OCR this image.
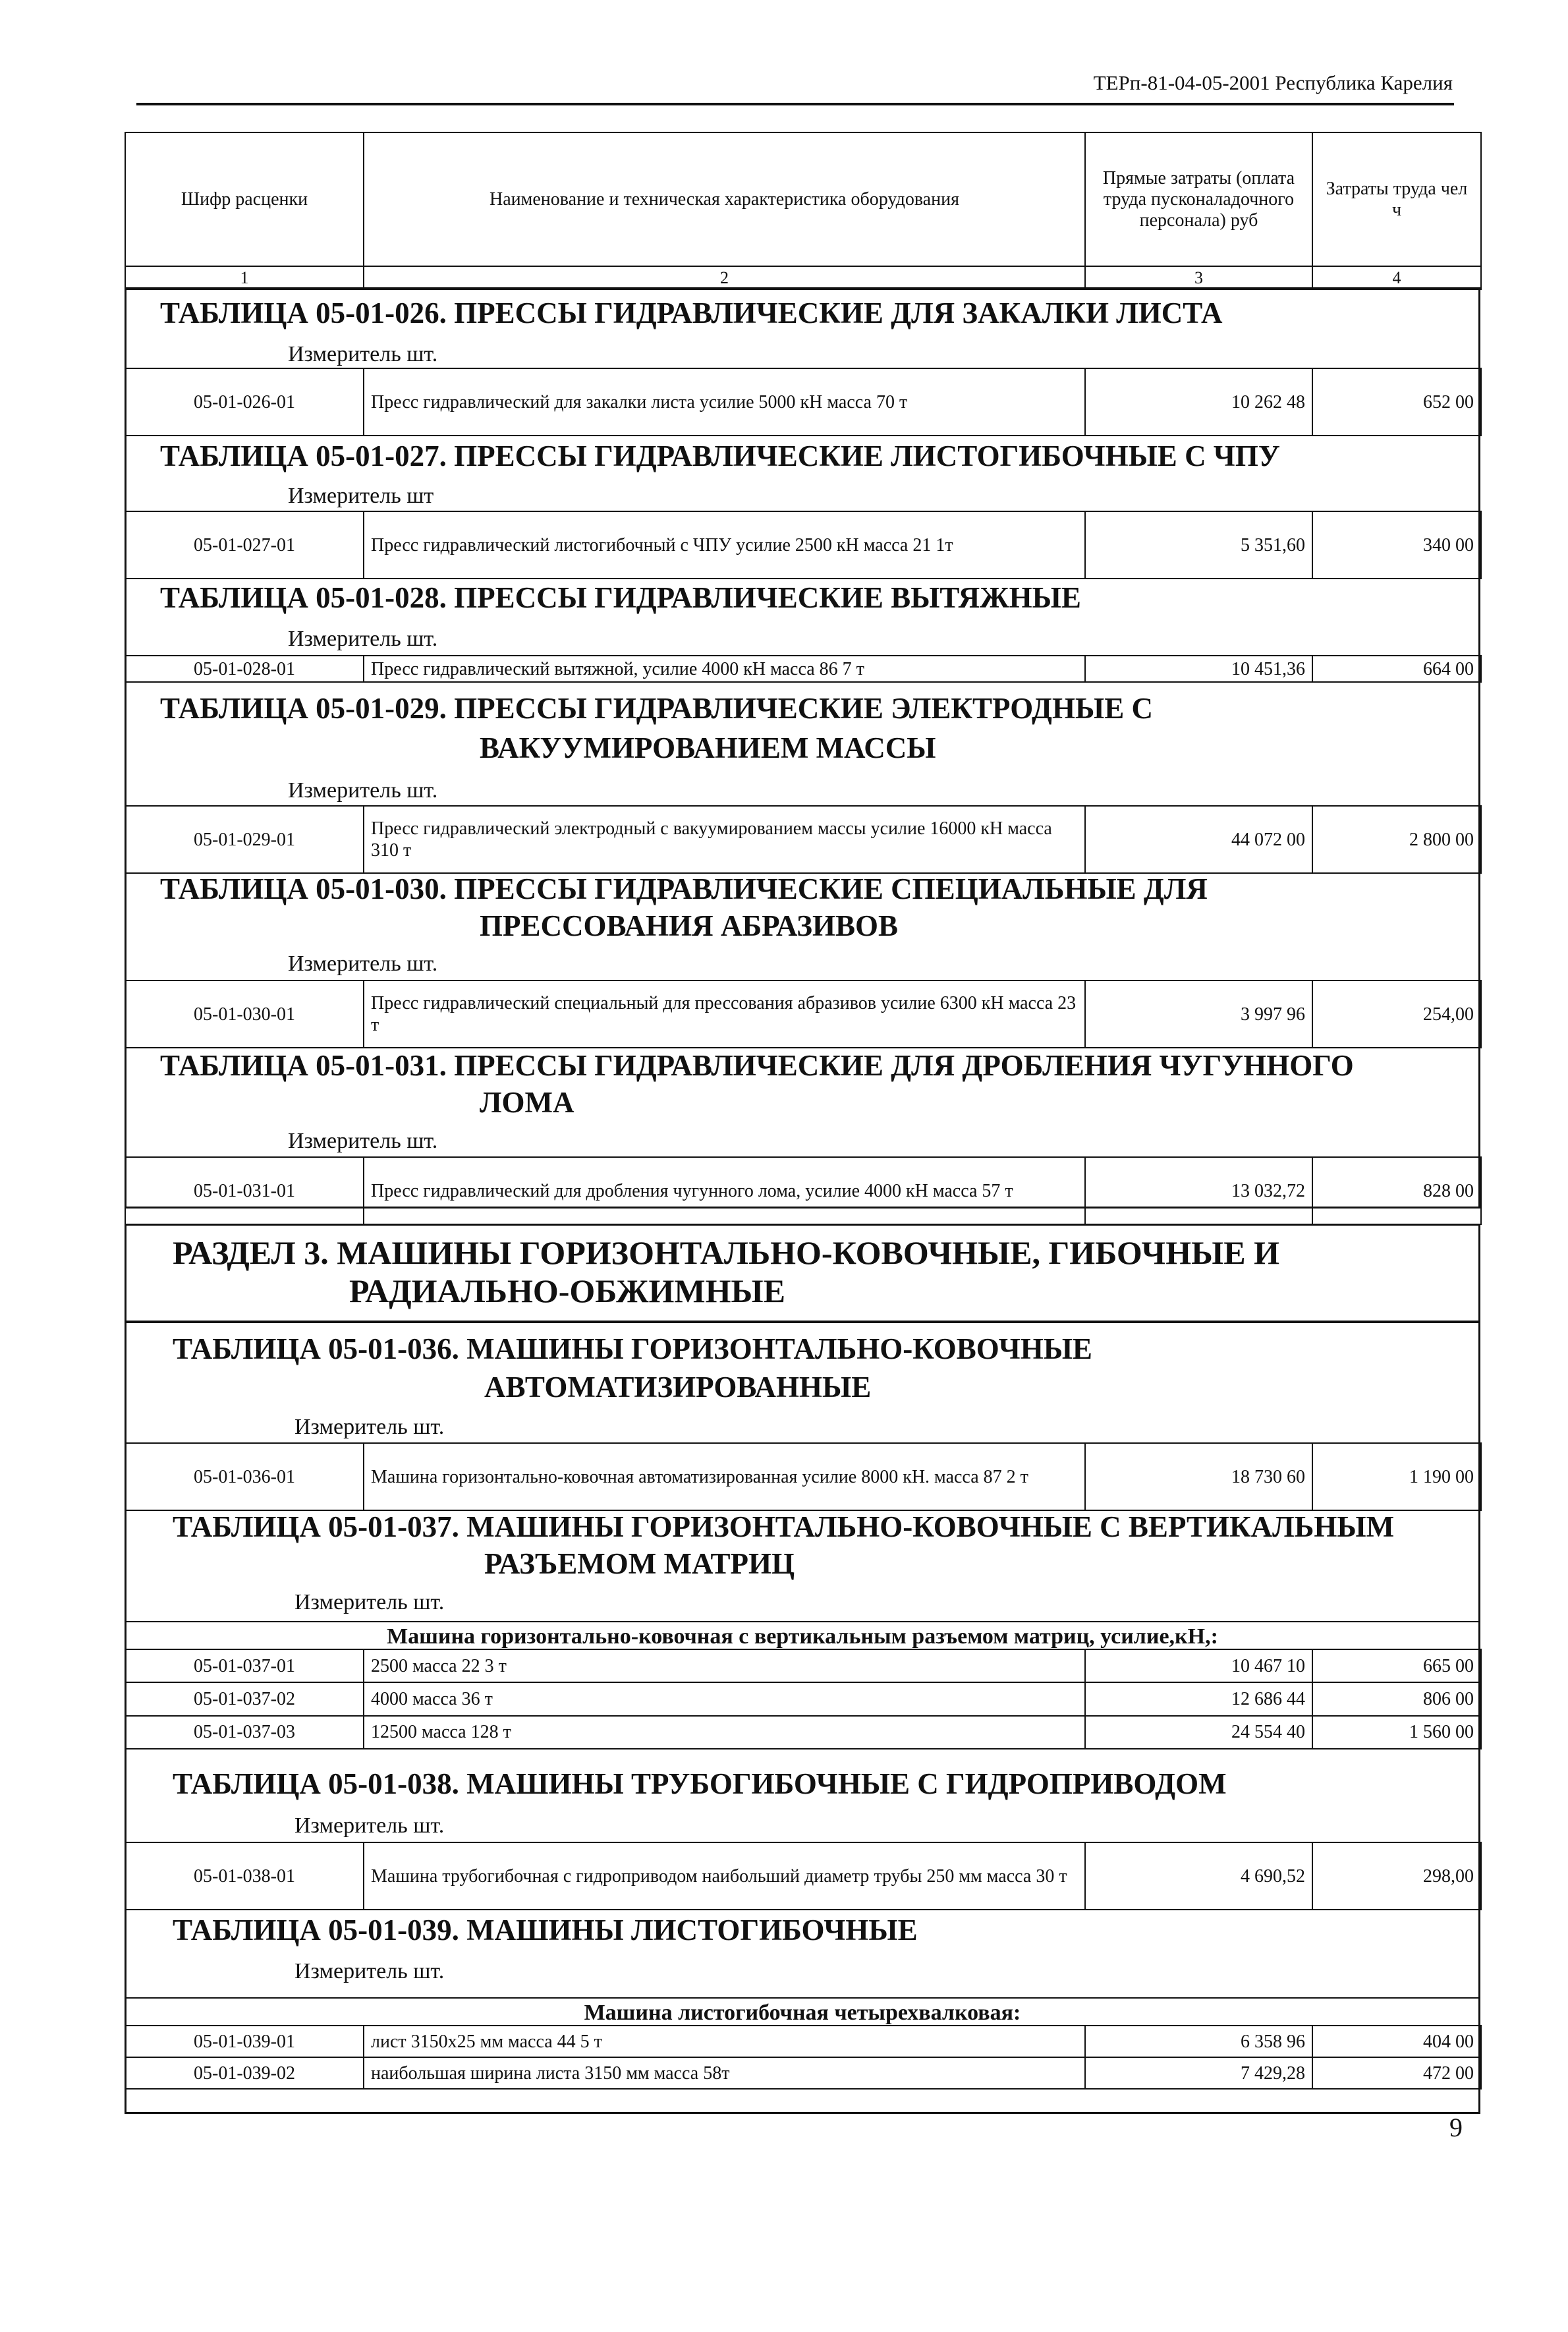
ТЕРп-81-04-05-2001 Республика Карелия
Шифр расценки	Наименование и техническая характеристика оборудования	Прямые затраты (оплата труда пусконаладочного персонала) руб	Затраты труда чел ч
1	2	3	4
ТАБЛИЦА 05-01-026. ПРЕССЫ ГИДРАВЛИЧЕСКИЕ ДЛЯ ЗАКАЛКИ ЛИСТА
Измеритель шт.
05-01-026-01	Пресс гидравлический для закалки листа усилие 5000 кН масса 70 т	10 262 48	652 00
ТАБЛИЦА 05-01-027. ПРЕССЫ ГИДРАВЛИЧЕСКИЕ ЛИСТОГИБОЧНЫЕ С ЧПУ
Измеритель шт
05-01-027-01	Пресс гидравлический листогибочный с ЧПУ усилие 2500 кН масса 21 1т	5 351,60	340 00
ТАБЛИЦА 05-01-028. ПРЕССЫ ГИДРАВЛИЧЕСКИЕ ВЫТЯЖНЫЕ
Измеритель шт.
05-01-028-01	Пресс гидравлический вытяжной, усилие 4000 кН масса 86 7 т	10 451,36	664 00
ТАБЛИЦА 05-01-029. ПРЕССЫ ГИДРАВЛИЧЕСКИЕ ЭЛЕКТРОДНЫЕ С
ВАКУУМИРОВАНИЕМ МАССЫ
Измеритель шт.
05-01-029-01	Пресс гидравлический электродный с вакуумированием массы усилие 16000 кН масса 310 т	44 072 00	2 800 00
ТАБЛИЦА 05-01-030. ПРЕССЫ ГИДРАВЛИЧЕСКИЕ СПЕЦИАЛЬНЫЕ ДЛЯ
ПРЕССОВАНИЯ АБРАЗИВОВ
Измеритель шт.
05-01-030-01	Пресс гидравлический специальный для прессования абразивов усилие 6300 кН масса 23 т	3 997 96	254,00
ТАБЛИЦА 05-01-031. ПРЕССЫ ГИДРАВЛИЧЕСКИЕ ДЛЯ ДРОБЛЕНИЯ ЧУГУННОГО
ЛОМА
Измеритель шт.
05-01-031-01	Пресс гидравлический для дробления чугунного лома, усилие 4000 кН масса 57 т	13 032,72	828 00
РАЗДЕЛ 3. МАШИНЫ ГОРИЗОНТАЛЬНО-КОВОЧНЫЕ, ГИБОЧНЫЕ И
РАДИАЛЬНО-ОБЖИМНЫЕ
ТАБЛИЦА 05-01-036. МАШИНЫ ГОРИЗОНТАЛЬНО-КОВОЧНЫЕ
АВТОМАТИЗИРОВАННЫЕ
Измеритель шт.
05-01-036-01	Машина горизонтально-ковочная автоматизированная усилие 8000 кН. масса 87 2 т	18 730 60	1 190 00
ТАБЛИЦА 05-01-037. МАШИНЫ ГОРИЗОНТАЛЬНО-КОВОЧНЫЕ С ВЕРТИКАЛЬНЫМ
РАЗЪЕМОМ МАТРИЦ
Измеритель шт.
Машина горизонтально-ковочная с вертикальным разъемом матриц, усилие,кН,:
05-01-037-01	2500 масса 22 3 т	10 467 10	665 00
05-01-037-02	4000 масса 36 т	12 686 44	806 00
05-01-037-03	12500 масса 128 т	24 554 40	1 560 00
ТАБЛИЦА 05-01-038. МАШИНЫ ТРУБОГИБОЧНЫЕ С ГИДРОПРИВОДОМ
Измеритель шт.
05-01-038-01	Машина трубогибочная с гидроприводом наибольший диаметр трубы 250 мм масса 30 т	4 690,52	298,00
ТАБЛИЦА 05-01-039. МАШИНЫ ЛИСТОГИБОЧНЫЕ
Измеритель шт.
Машина листогибочная четырехвалковая:
05-01-039-01	лист 3150х25 мм масса 44 5 т	6 358 96	404 00
05-01-039-02	наибольшая ширина листа 3150 мм масса 58т	7 429,28	472 00
9
